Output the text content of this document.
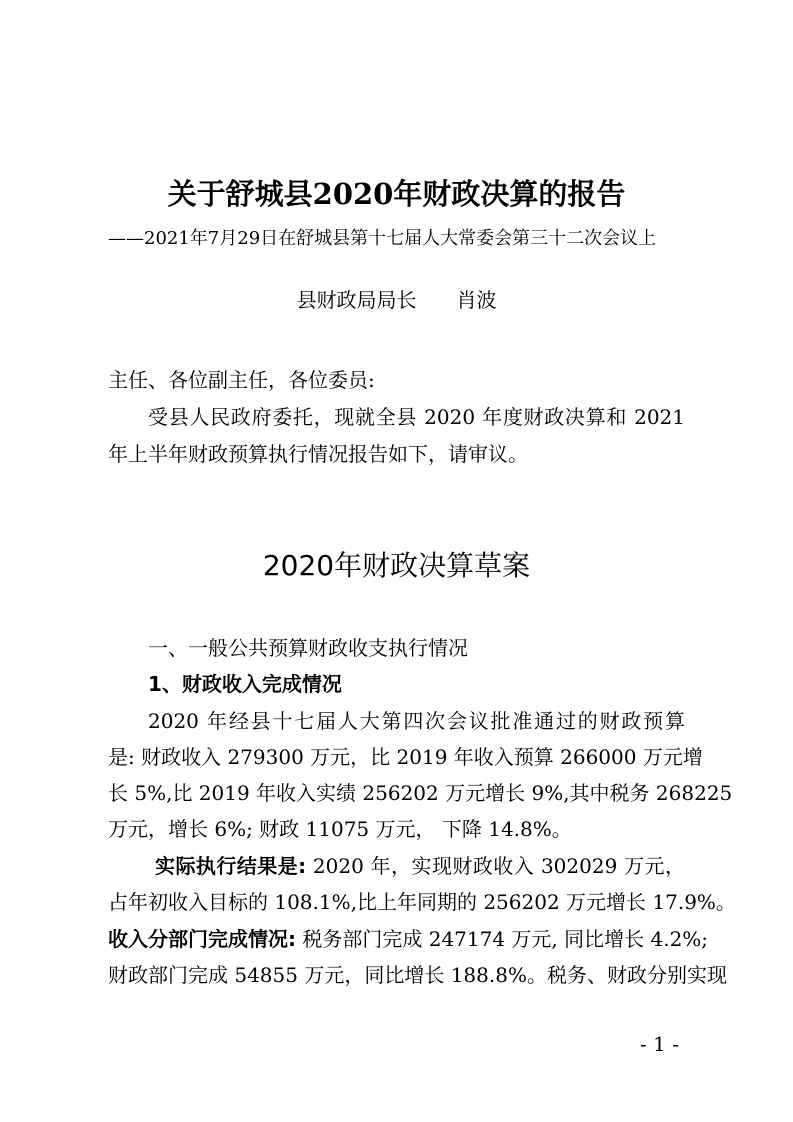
关于舒城县2020年财政决算的报告
——2021年7月29日在舒城县第十七届人大常委会第三十二次会议上
县财政局局长 肖波
主任、各位副主任，各位委员:
受县人民政府委托，现就全县 2020 年度财政决算和 2021
年上半年财政预算执行情况报告如下，请审议。
2020年财政决算草案
一、一般公共预算财政收支执行情况
1、财政收入完成情况
2020 年经县十七届人大第四次会议批准通过的财政预算
是: 财政收入 279300 万元，比 2019 年收入预算 266000 万元增
长 5%,比 2019 年收入实绩 256202 万元增长 9%,其中税务 268225
万元，增长 6%; 财政 11075 万元， 下降 14.8%。
实际执行结果是: 2020 年，实现财政收入 302029 万元，
占年初收入目标的 108.1%,比上年同期的 256202 万元增长 17.9%。
收入分部门完成情况: 税务部门完成 247174 万元, 同比增长 4.2%;
财政部门完成 54855 万元，同比增长 188.8%。税务、财政分别实现
- 1 -
